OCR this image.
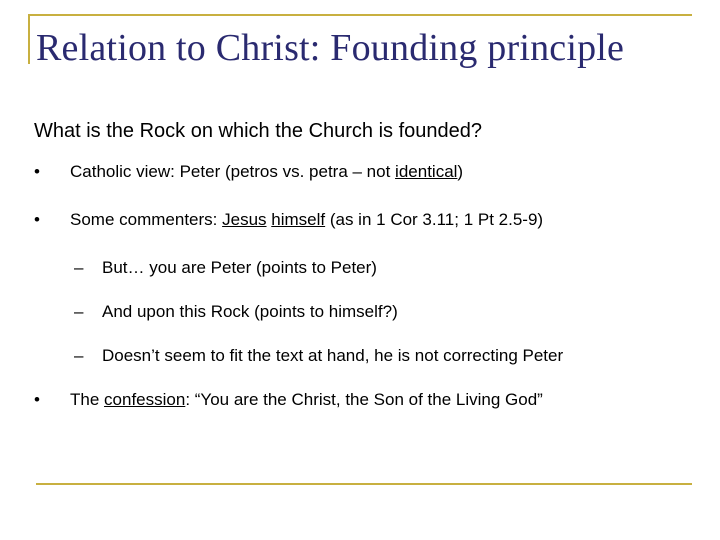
Relation to Christ: Founding principle
What is the Rock on which the Church is founded?
• Catholic view: Peter (petros vs. petra – not identical)
• Some commenters: Jesus himself (as in 1 Cor 3.11; 1 Pt 2.5-9)
– But… you are Peter (points to Peter)
– And upon this Rock (points to himself?)
– Doesn’t seem to fit the text at hand, he is not correcting Peter
• The confession: “You are the Christ, the Son of the Living God”
